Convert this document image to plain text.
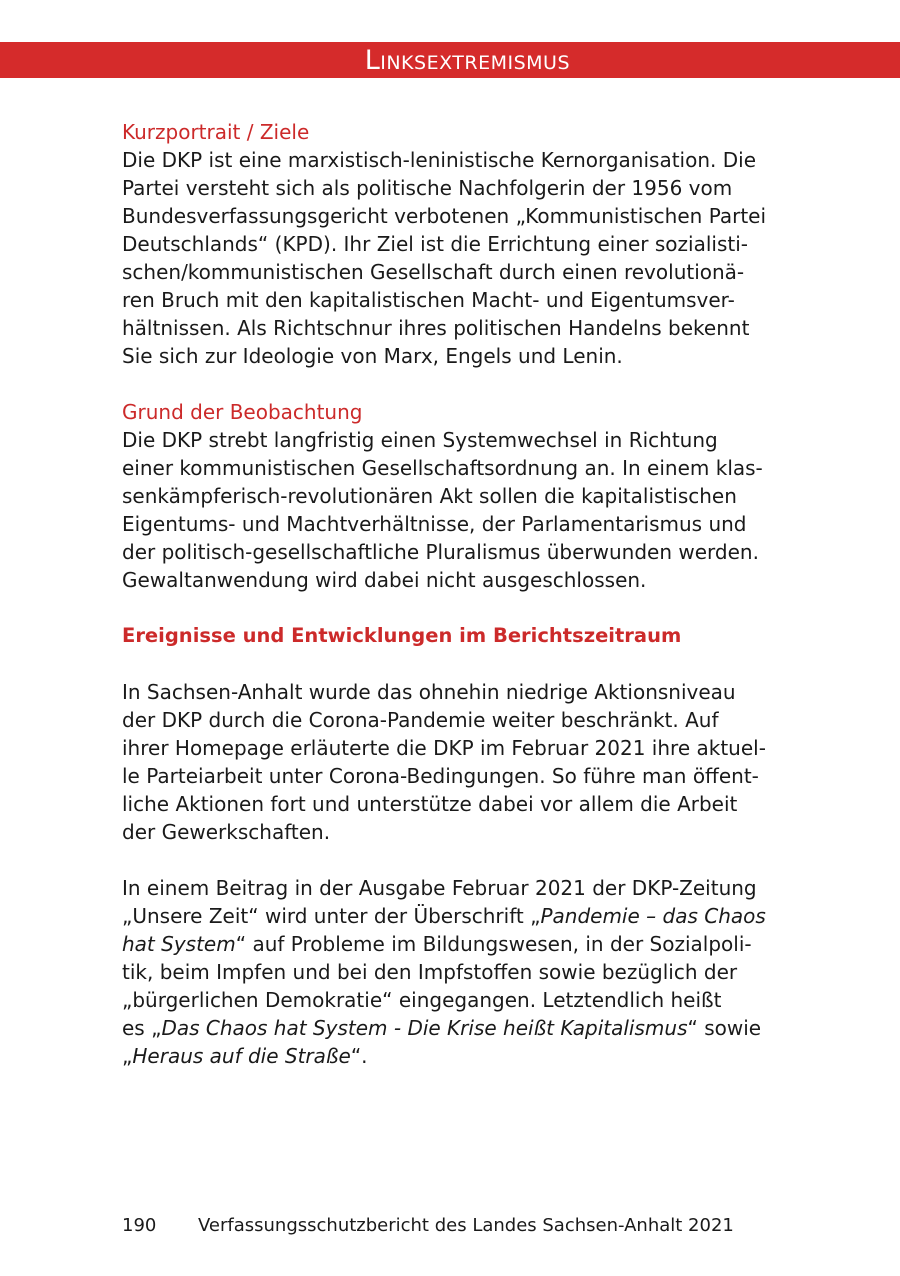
Linksextremismus
Kurzportrait / Ziele

Die DKP ist eine marxistisch-leninistische Kernorganisation. Die
Partei versteht sich als politische Nachfolgerin der 1956 vom
Bundesverfassungsgericht verbotenen „Kommunistischen Partei
Deutschlands“ (KPD). Ihr Ziel ist die Errichtung einer sozialisti-
schen/kommunistischen Gesellschaft durch einen revolutionä-
ren Bruch mit den kapitalistischen Macht- und Eigentumsver-
hältnissen. Als Richtschnur ihres politischen Handelns bekennt
Sie sich zur Ideologie von Marx, Engels und Lenin.

Grund der Beobachtung

Die DKP strebt langfristig einen Systemwechsel in Richtung
einer kommunistischen Gesellschaftsordnung an. In einem klas-
senkämpferisch-revolutionären Akt sollen die kapitalistischen
Eigentums- und Machtverhältnisse, der Parlamentarismus und
der politisch-gesellschaftliche Pluralismus überwunden werden.
Gewaltanwendung wird dabei nicht ausgeschlossen.

Ereignisse und Entwicklungen im Berichtszeitraum

In Sachsen-Anhalt wurde das ohnehin niedrige Aktionsniveau
der DKP durch die Corona-Pandemie weiter beschränkt. Auf
ihrer Homepage erläuterte die DKP im Februar 2021 ihre aktuel-
le Parteiarbeit unter Corona-Bedingungen. So führe man öffent-
liche Aktionen fort und unterstütze dabei vor allem die Arbeit
der Gewerkschaften.

In einem Beitrag in der Ausgabe Februar 2021 der DKP-Zeitung
„Unsere Zeit“ wird unter der Überschrift „Pandemie – das Chaos
hat System“ auf Probleme im Bildungswesen, in der Sozialpoli-
tik, beim Impfen und bei den Impfstoffen sowie bezüglich der
„bürgerlichen Demokratie“ eingegangen. Letztendlich heißt
es „Das Chaos hat System - Die Krise heißt Kapitalismus“ sowie
„Heraus auf die Straße“.

190 Verfassungsschutzbericht des Landes Sachsen-Anhalt 2021
